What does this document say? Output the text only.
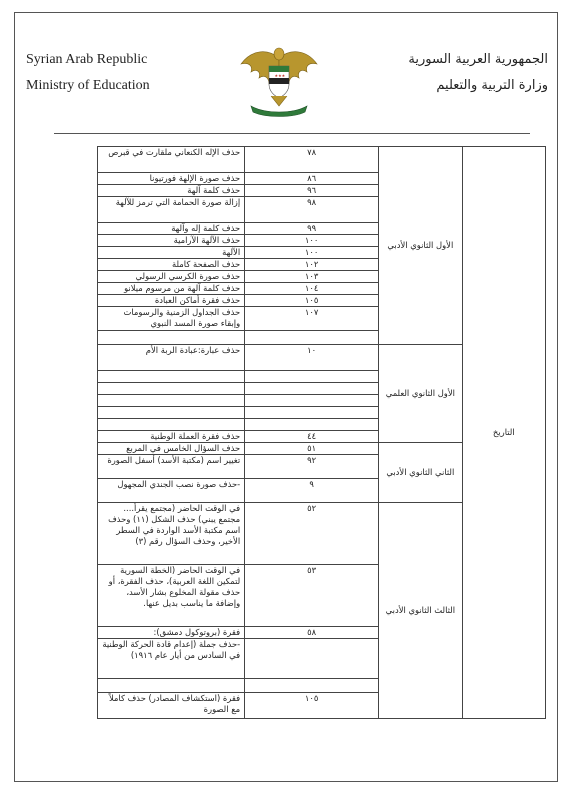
Syrian Arab Republic
Ministry of Education
الجمهورية العربية السورية
وزارة التربية والتعليم
★★★
التاريخ	الأول الثانوي الأدبي	٧٨	حذف الإله الكنعاني ملقارت في قبرص
		٨٦	حذف صورة الإلهة فورتيونا
		٩٦	حذف كلمة آلهة
		٩٨	إزالة صورة الحمامة التي ترمز للآلهة
		٩٩	حذف كلمة إله وآلهة
		١٠٠	حذف الآلهة الآرامية
		١٠٠	الآلهة
		١٠٢	حذف الصفحة كاملة
		١٠٣	حذف صورة الكرسي الرسولي
		١٠٤	حذف كلمة آلهة من مرسوم ميلانو
		١٠٥	حذف فقرة أماكن العبادة
		١٠٧	حذف الجداول الزمنية والرسومات وإبقاء صورة المسد النبوي

	الأول الثانوي العلمي	١٠	حذف عبارة:عبادة الربة الأم

		٤٤	حذف فقرة العملة الوطنية
	الثاني الثانوي الأدبي	٥١	حذف السؤال الخامس في المربع
		٩٢	تغيير اسم (مكتبة الأسد) أسفل الصورة
		٩	-حذف صورة نصب الجندي المجهول
	الثالث الثانوي الأدبي	٥٢	في الوقت الحاضر (مجتمع يقرأ.... مجتمع يبني) حذف الشكل (١١) وحذف اسم مكتبة الأسد الواردة في السطر الأخير، وحذف السؤال رقم (٣)
		٥٣	في الوقت الحاضر (الخطة السورية لتمكين اللغة العربية)، حذف الفقرة، أو حذف مقولة المخلوع بشار الأسد، وإضافة ما يناسب بديل عنها.
		٥٨	فقرة (بروتوكول دمشق):
			-حذف جملة (إعدام قادة الحركة الوطنية في السادس من أيار عام ١٩١٦)

		١٠٥	فقرة (استكشاف المصادر) حذف كاملاً مع الصورة
